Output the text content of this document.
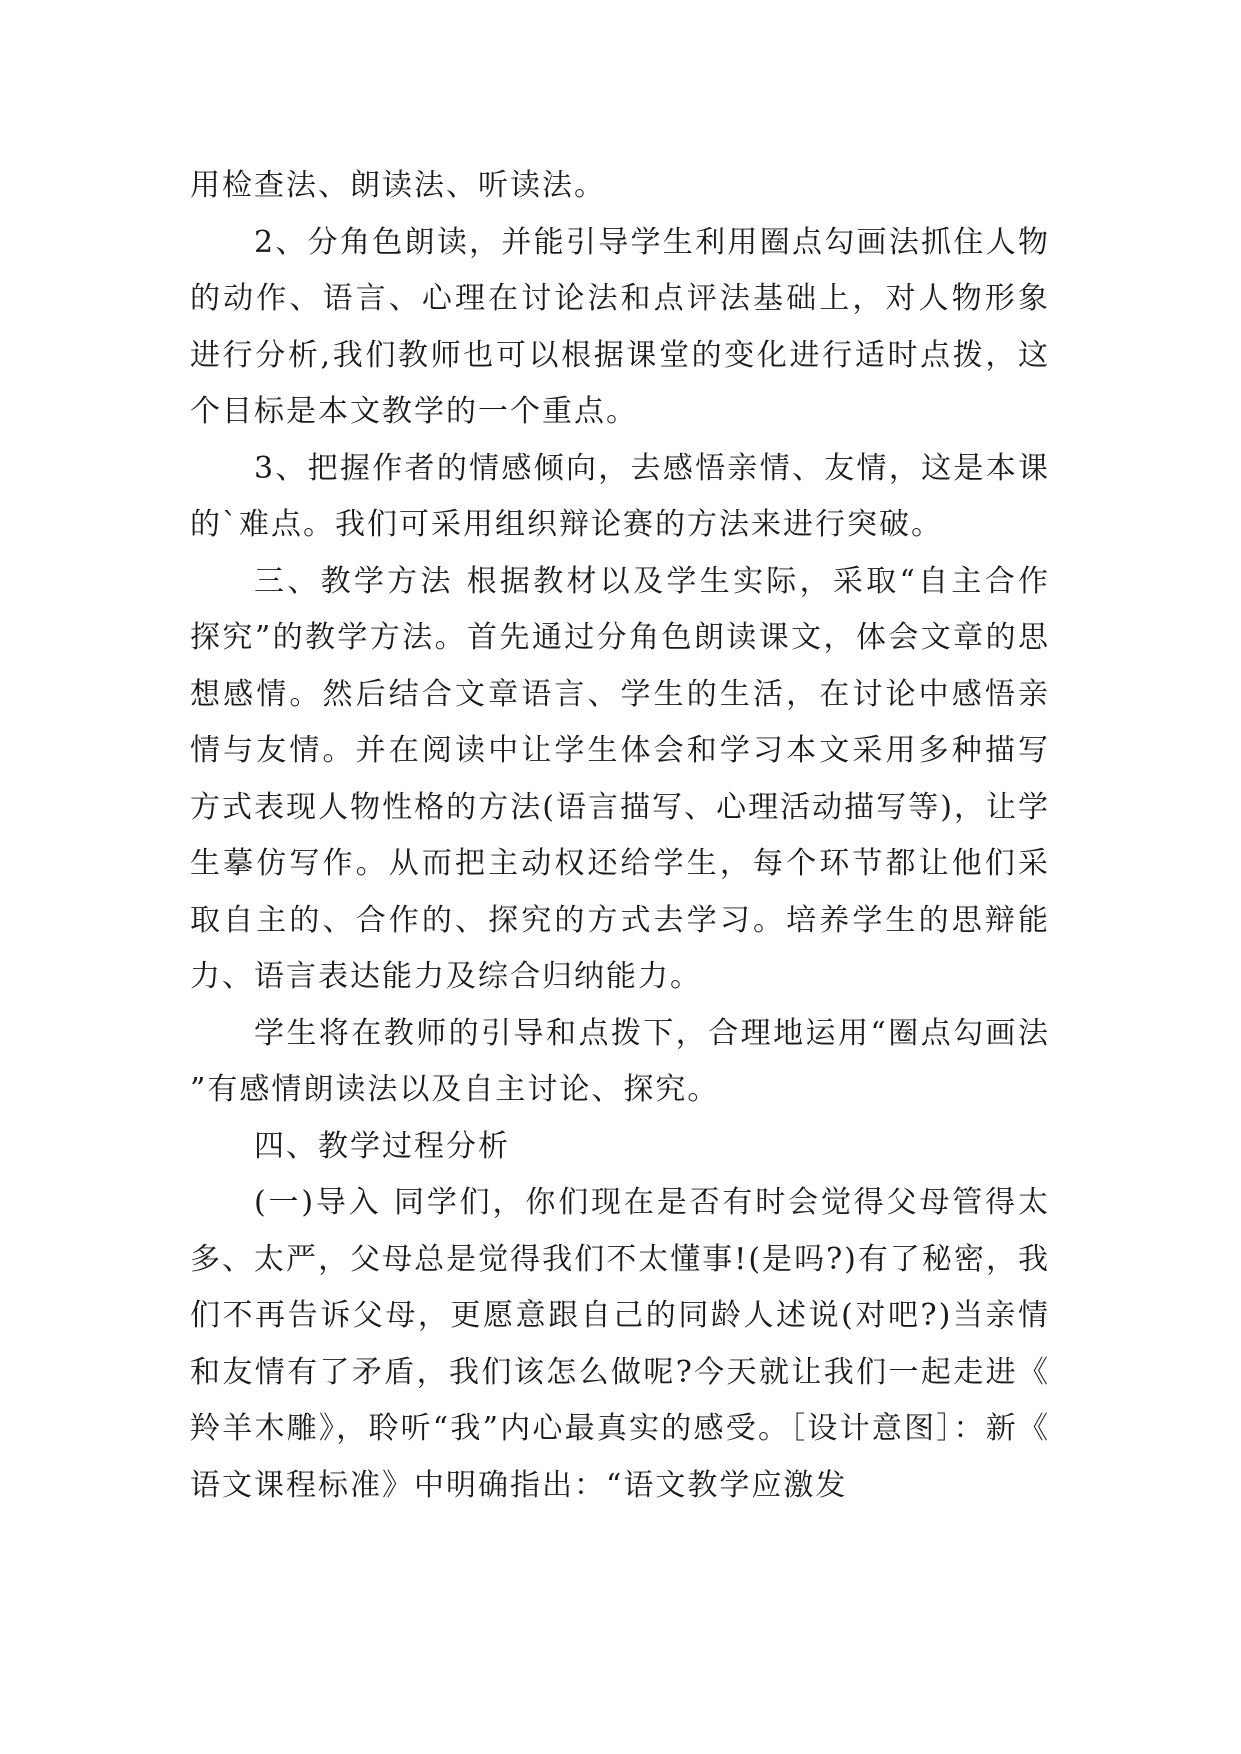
用检查法、朗读法、听读法。

2、分角色朗读，并能引导学生利用圈点勾画法抓住人物的动作、语言、心理在讨论法和点评法基础上，对人物形象进行分析,我们教师也可以根据课堂的变化进行适时点拨，这个目标是本文教学的一个重点。

3、把握作者的情感倾向，去感悟亲情、友情，这是本课的`难点。我们可采用组织辩论赛的方法来进行突破。

三、教学方法 根据教材以及学生实际，采取“自主合作探究”的教学方法。首先通过分角色朗读课文，体会文章的思想感情。然后结合文章语言、学生的生活，在讨论中感悟亲情与友情。并在阅读中让学生体会和学习本文采用多种描写方式表现人物性格的方法(语言描写、心理活动描写等)，让学生摹仿写作。从而把主动权还给学生，每个环节都让他们采取自主的、合作的、探究的方式去学习。培养学生的思辩能力、语言表达能力及综合归纳能力。

学生将在教师的引导和点拨下，合理地运用“圈点勾画法”有感情朗读法以及自主讨论、探究。

四、教学过程分析

(一)导入 同学们，你们现在是否有时会觉得父母管得太多、太严，父母总是觉得我们不太懂事!(是吗?)有了秘密，我们不再告诉父母，更愿意跟自己的同龄人述说(对吧?)当亲情和友情有了矛盾，我们该怎么做呢?今天就让我们一起走进《羚羊木雕》，聆听“我”内心最真实的感受。［设计意图］：新《语文课程标准》中明确指出：“语文教学应激发
